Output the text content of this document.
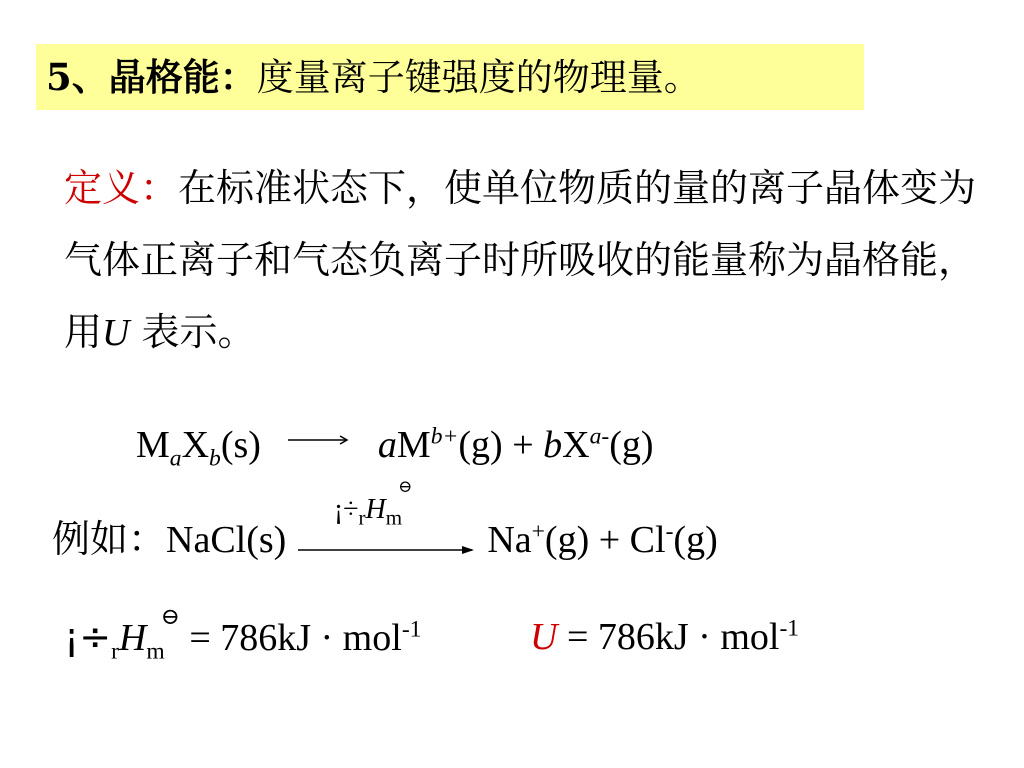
5、晶格能：度量离子键强度的物理量。
定义：在标准状态下，使单位物质的量的离子晶体变为气体正离子和气态负离子时所吸收的能量称为晶格能，用U 表示。
$M_aX_b(s) \to aM^{b+}(g) + bX^{a-}(g)$
例如：NaCl(s)
¡$\div_rH_m^⊖$
Na+(g) + Cl-(g)
¡$\div_rH_m^⊖ = 786kJ \cdot mol^{-1}$	U = 786kJ · mol$^{-1}$
